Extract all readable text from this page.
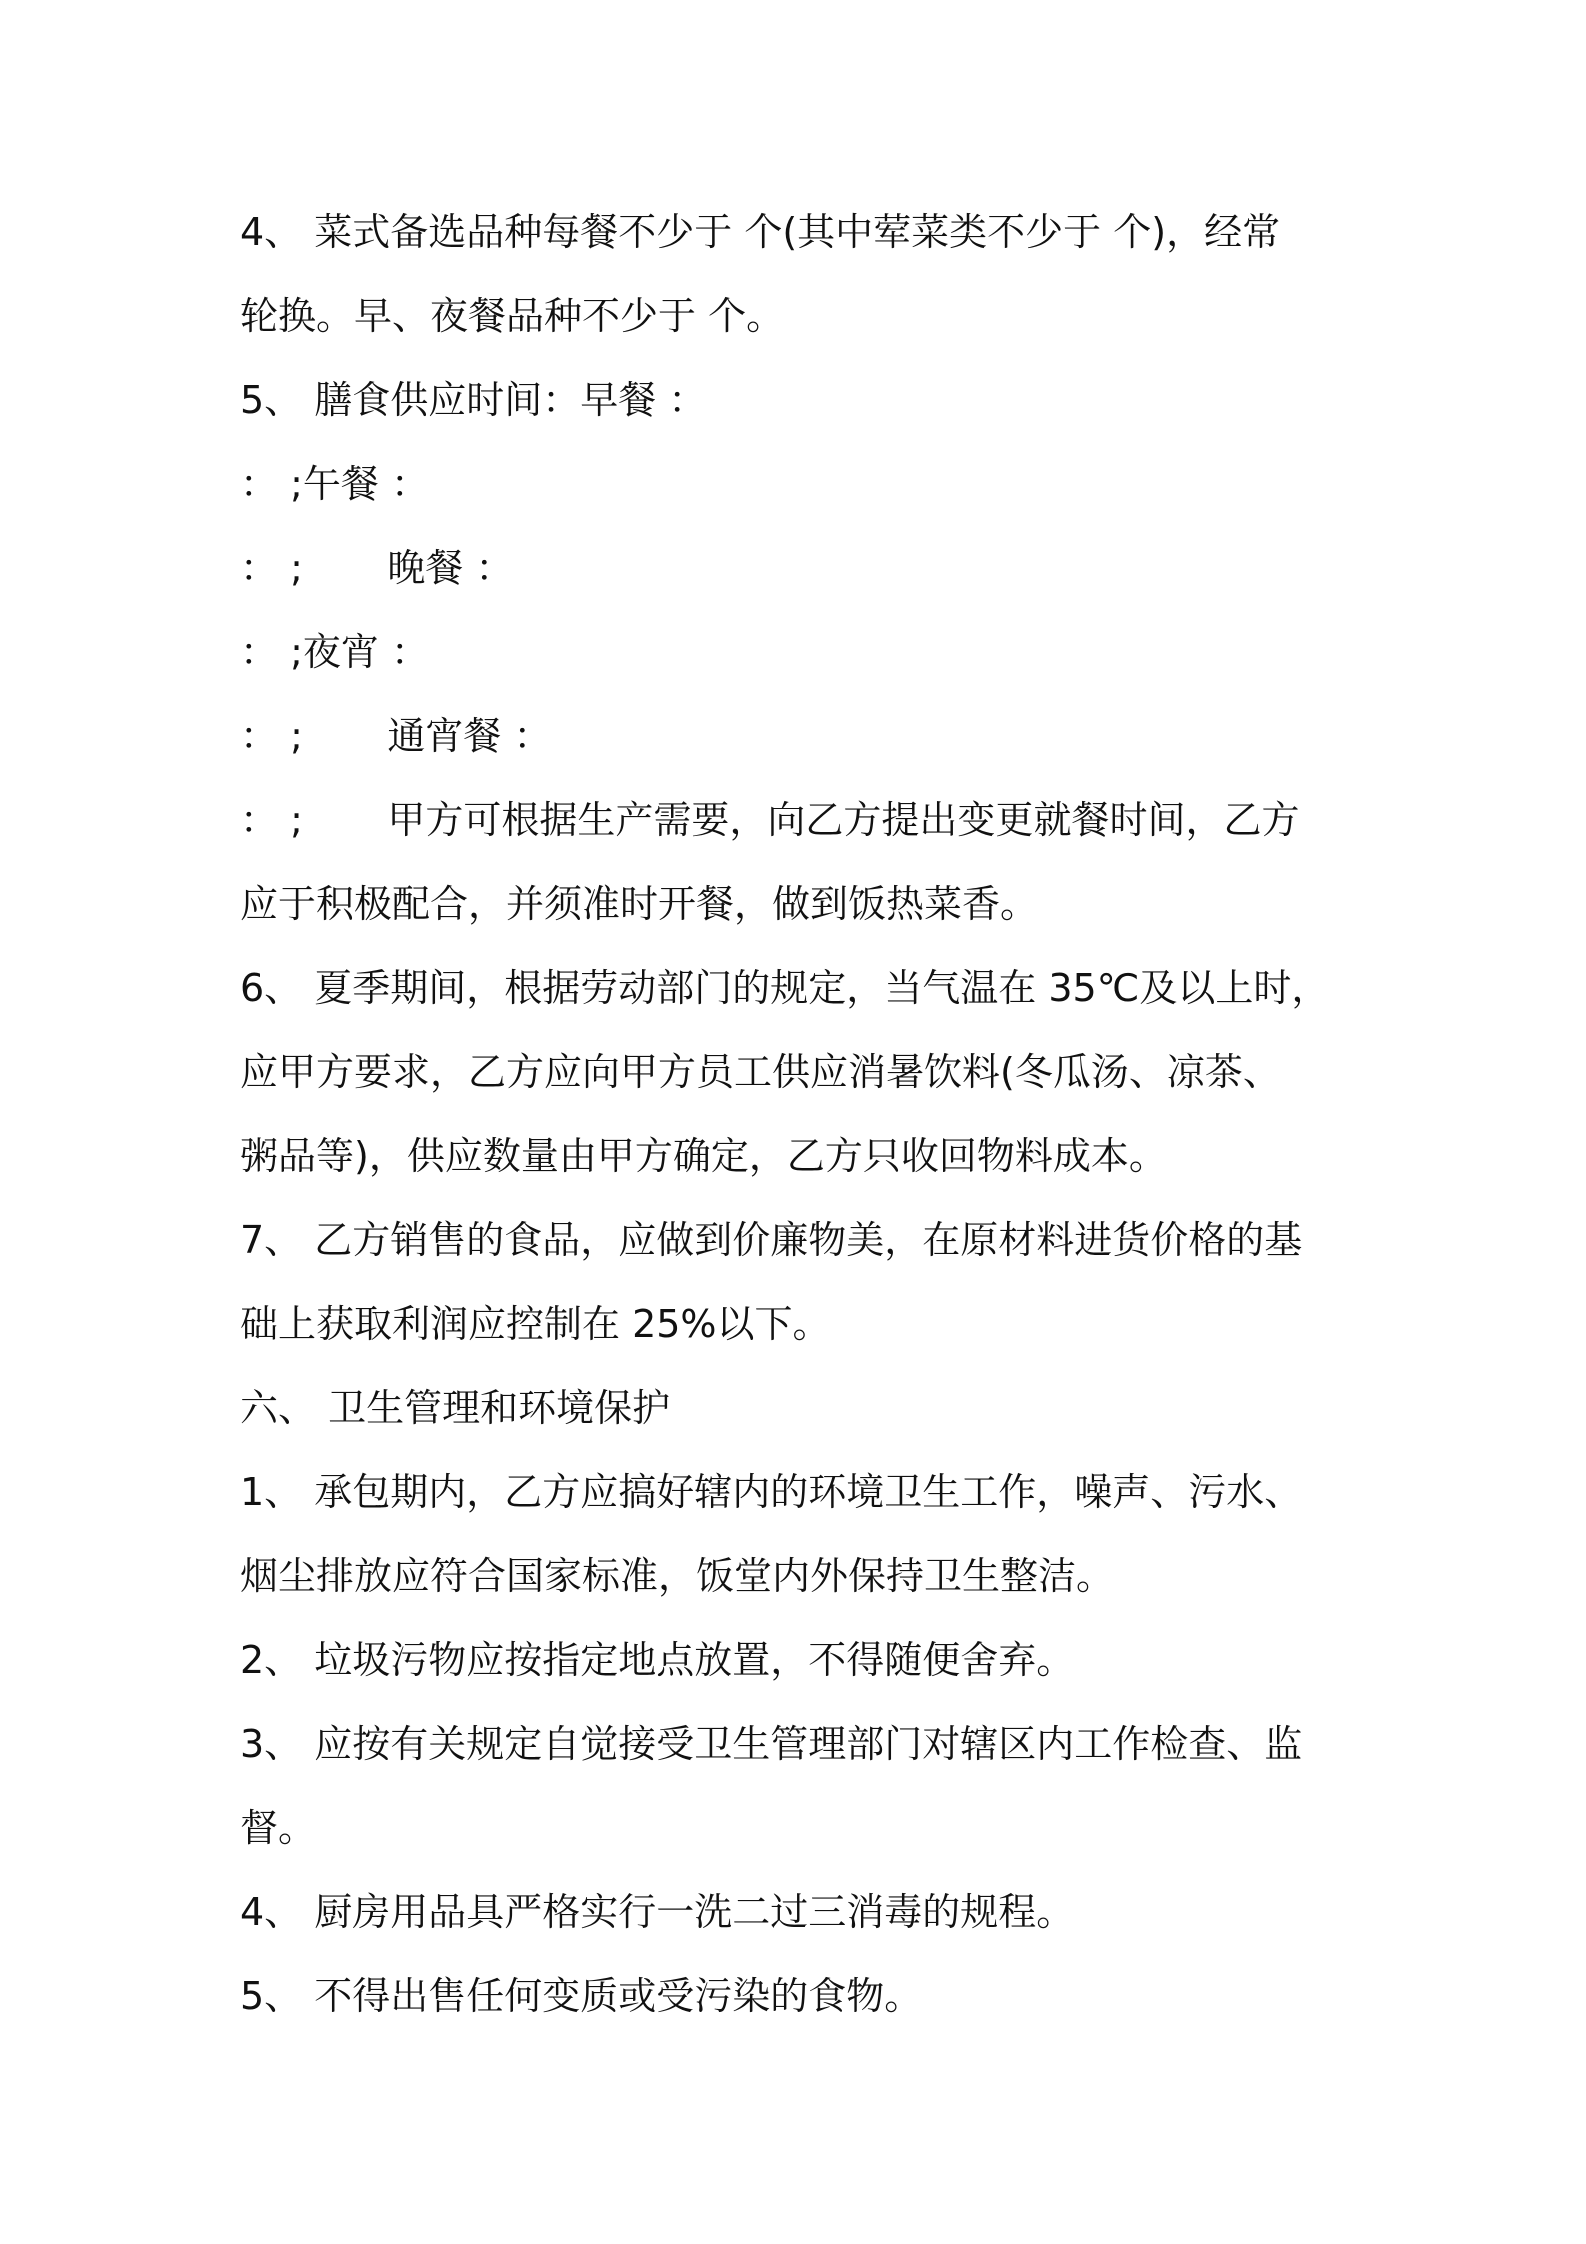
4、 菜式备选品种每餐不少于 个(其中荤菜类不少于 个)，经常
轮换。早、夜餐品种不少于 个。
5、 膳食供应时间：早餐 ：
： ;午餐 ：
： ;       晚餐 ：
： ;夜宵 ：
： ;       通宵餐 ：
： ;       甲方可根据生产需要，向乙方提出变更就餐时间，乙方
应于积极配合，并须准时开餐，做到饭热菜香。
6、 夏季期间，根据劳动部门的规定，当气温在 35℃及以上时，
应甲方要求，乙方应向甲方员工供应消暑饮料(冬瓜汤、凉茶、
粥品等)，供应数量由甲方确定，乙方只收回物料成本。
7、 乙方销售的食品，应做到价廉物美，在原材料进货价格的基
础上获取利润应控制在 25%以下。
六、 卫生管理和环境保护
1、 承包期内，乙方应搞好辖内的环境卫生工作，噪声、污水、
烟尘排放应符合国家标准，饭堂内外保持卫生整洁。
2、 垃圾污物应按指定地点放置，不得随便舍弃。
3、 应按有关规定自觉接受卫生管理部门对辖区内工作检查、监
督。
4、 厨房用品具严格实行一洗二过三消毒的规程。
5、 不得出售任何变质或受污染的食物。
